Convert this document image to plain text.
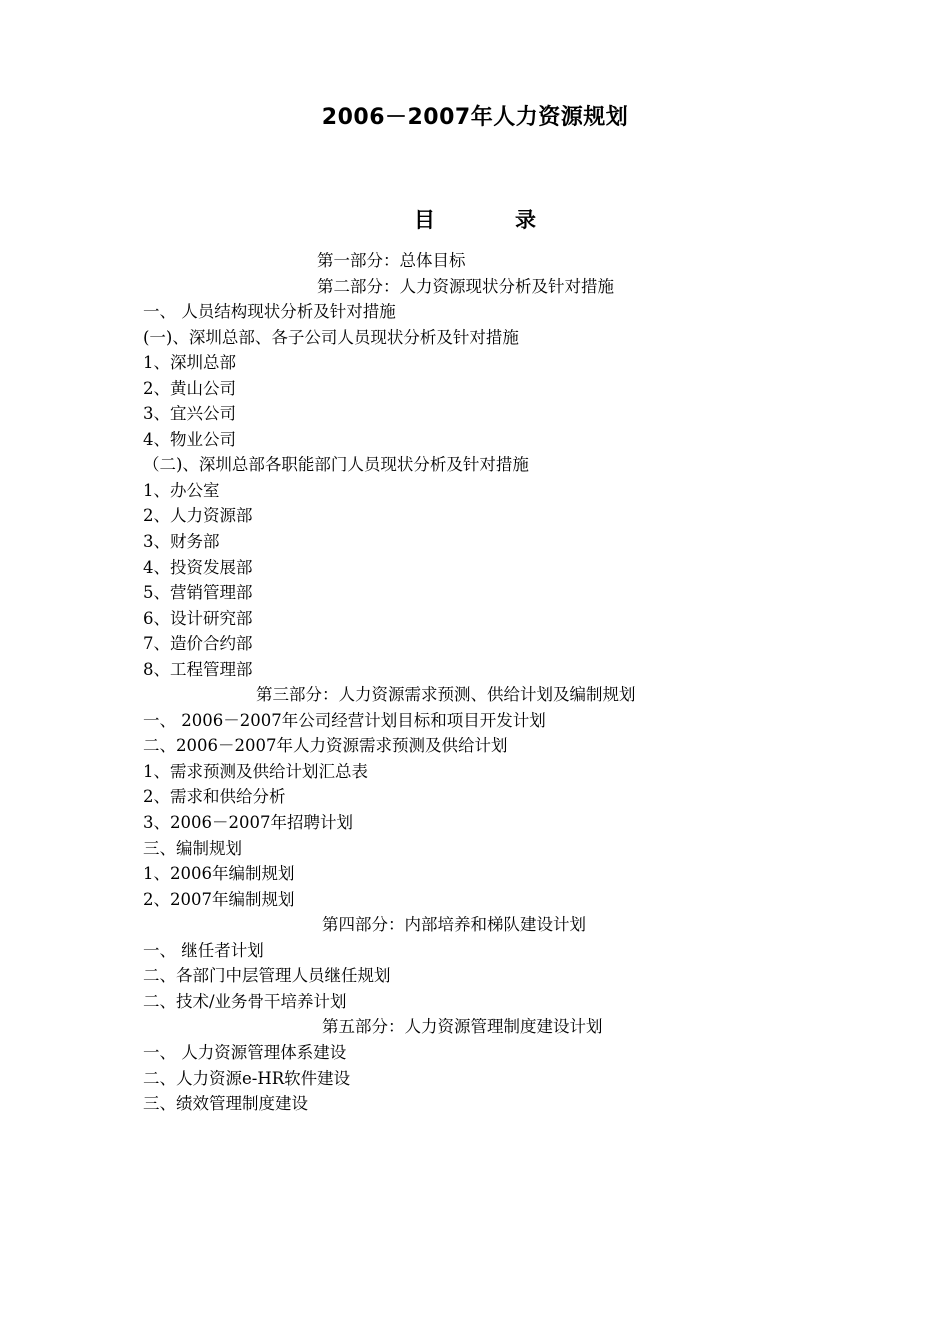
2006－2007年人力资源规划
目	录
第一部分：总体目标
第二部分：人力资源现状分析及针对措施
一、 人员结构现状分析及针对措施
(一)、深圳总部、各子公司人员现状分析及针对措施
1、深圳总部
2、黄山公司
3、宜兴公司
4、物业公司
（二)、深圳总部各职能部门人员现状分析及针对措施
1、办公室
2、人力资源部
3、财务部
4、投资发展部
5、营销管理部
6、设计研究部
7、造价合约部
8、工程管理部
第三部分：人力资源需求预测、供给计划及编制规划
一、 2006－2007年公司经营计划目标和项目开发计划
二、2006－2007年人力资源需求预测及供给计划
1、需求预测及供给计划汇总表
2、需求和供给分析
3、2006－2007年招聘计划
三、编制规划
1、2006年编制规划
2、2007年编制规划
第四部分：内部培养和梯队建设计划
一、 继任者计划
二、各部门中层管理人员继任规划
二、技术/业务骨干培养计划
第五部分：人力资源管理制度建设计划
一、 人力资源管理体系建设
二、人力资源e-HR软件建设
三、绩效管理制度建设
